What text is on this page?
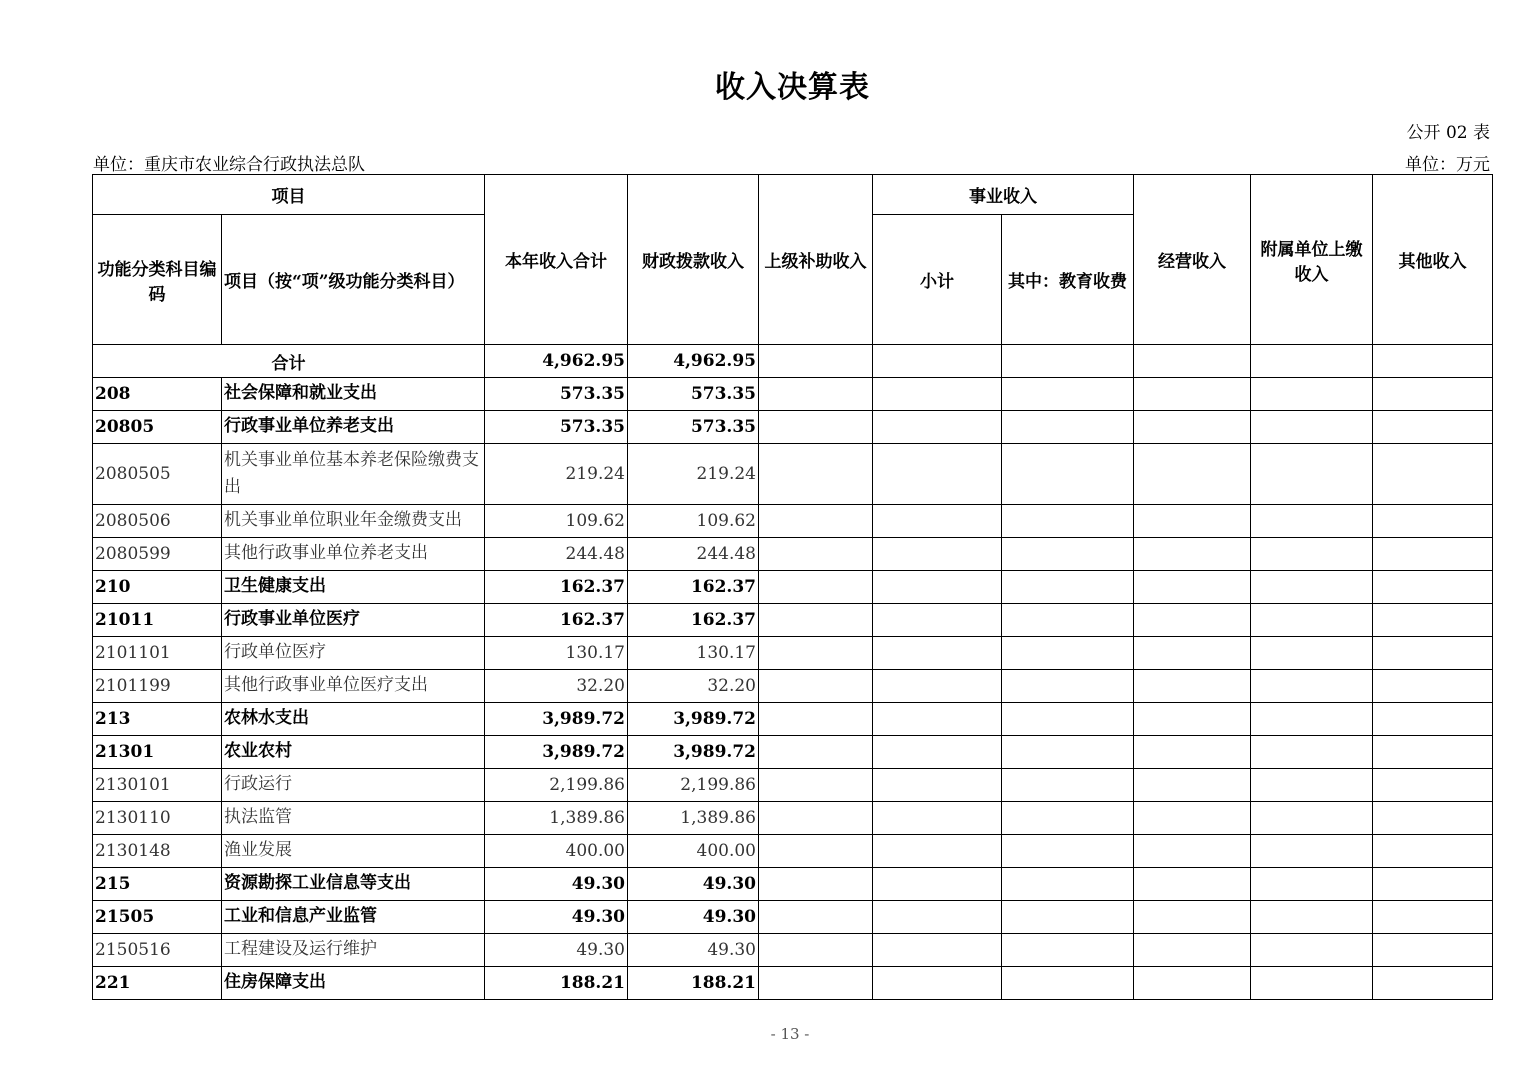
收入决算表
公开 02 表
单位：重庆市农业综合行政执法总队	单位：万元
项目		本年收入合计	财政拨款收入	上级补助收入	事业收入		经营收入	附属单位上缴收入	其他收入
功能分类科目编码	项目（按“项”级功能分类科目）				小计	其中：教育收费			
合计		4,962.95	4,962.95						
208	社会保障和就业支出	573.35	573.35						
20805	行政事业单位养老支出	573.35	573.35						
2080505	机关事业单位基本养老保险缴费支出	219.24	219.24						
2080506	机关事业单位职业年金缴费支出	109.62	109.62						
2080599	其他行政事业单位养老支出	244.48	244.48						
210	卫生健康支出	162.37	162.37						
21011	行政事业单位医疗	162.37	162.37						
2101101	行政单位医疗	130.17	130.17						
2101199	其他行政事业单位医疗支出	32.20	32.20						
213	农林水支出	3,989.72	3,989.72						
21301	农业农村	3,989.72	3,989.72						
2130101	行政运行	2,199.86	2,199.86						
2130110	执法监管	1,389.86	1,389.86						
2130148	渔业发展	400.00	400.00						
215	资源勘探工业信息等支出	49.30	49.30						
21505	工业和信息产业监管	49.30	49.30						
2150516	工程建设及运行维护	49.30	49.30						
221	住房保障支出	188.21	188.21						
- 13 -
